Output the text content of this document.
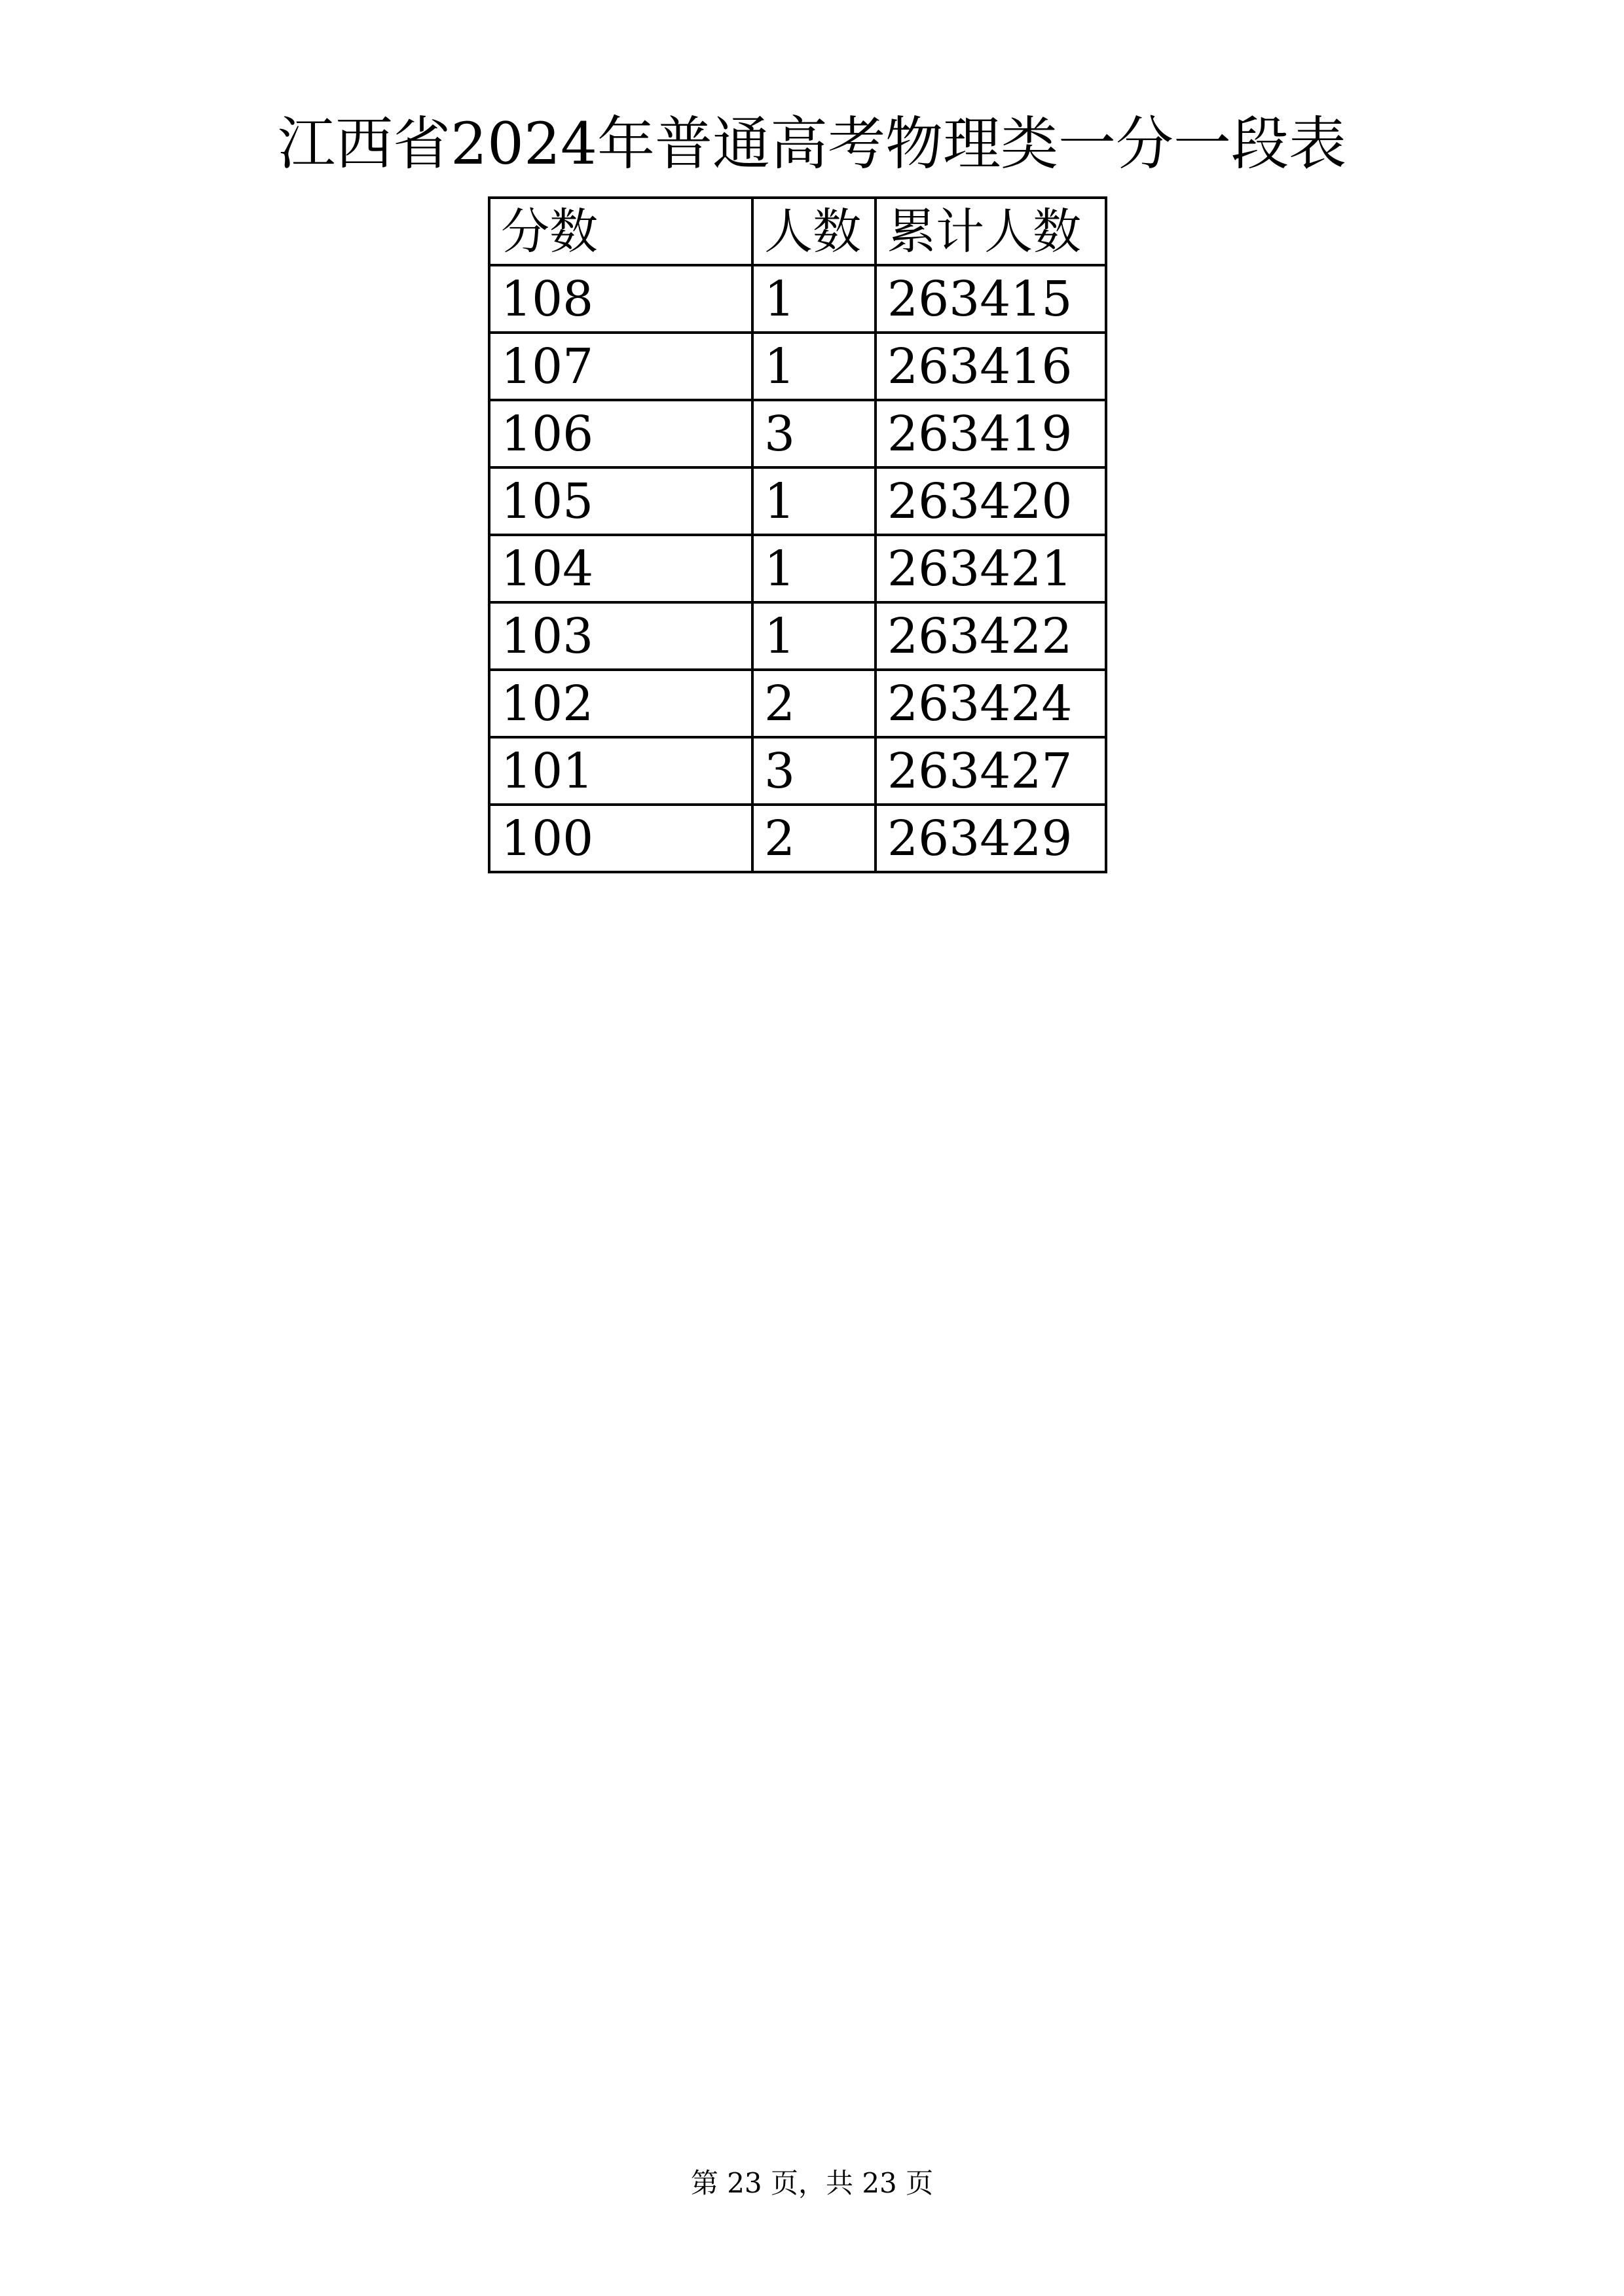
江西省2024年普通高考物理类一分一段表
分数	人数	累计人数
108	1	263415
107	1	263416
106	3	263419
105	1	263420
104	1	263421
103	1	263422
102	2	263424
101	3	263427
100	2	263429
第 23 页，共 23 页
